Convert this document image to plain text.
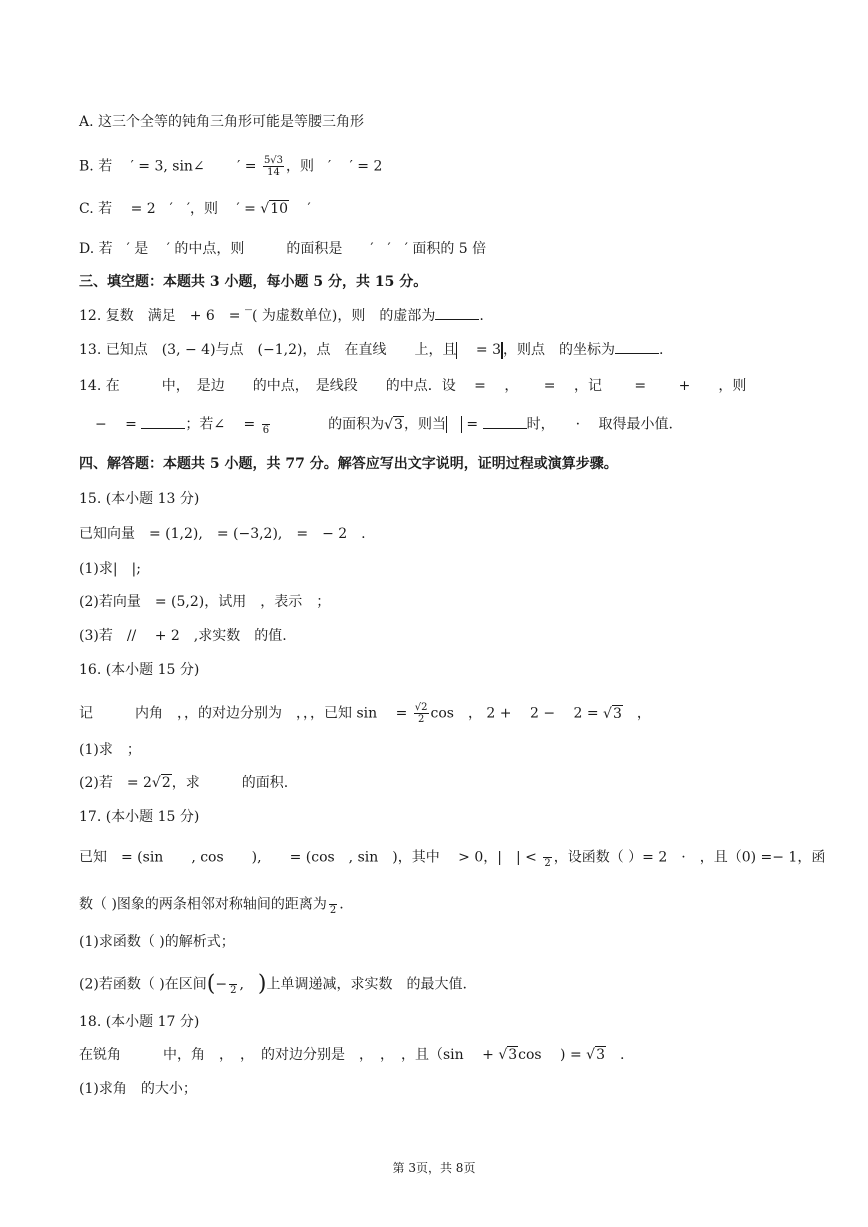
A. 这三个全等的钝角三角形可能是等腰三角形
B. 若　 ′ = 3, sin∠　　 ′ = $\frac{5√3}{14}$ ，则　′　 ′ = 2
C. 若　 = 2　′　′，则　 ′ = √10　 ′
D. 若　′ 是　 ′ 的中点，则　　　的面积是　　′　′　′ 面积的 5 倍
三、填空题：本题共 3 小题，每小题 5 分，共 15 分。
12. 复数　满足　+ 6　= ‾( 为虚数单位)，则　的虚部为	.
13. 已知点　(3, − 4)与点　(−1,2)，点　在直线　　上，且　 = 3 ，则点　的坐标为	.
14. 在　　　中，　是边　　的中点，　是线段　　的中点．设　 = 　，　　 = 　，记　　 = 　　+　　，则
−　 =	；若∠　 =
6 　　　　的面积为√3，则当　 =	时，　　·　 取得最小值.
四、解答题：本题共 5 小题，共 77 分。解答应写出文字说明，证明过程或演算步骤。
15. (本小题 13 分)
已知向量　= (1,2),　= (−3,2),　=　− 2　.
(1)求|　|;
(2)若向量　= (5,2)，试用　，表示　；
(3)若　//　 + 2　,求实数　的值.
16. (本小题 15 分)
记　　　内角　，，的对边分别为　，，，已知 sin　 = $\frac{√2}{2}$ cos　， 2 +　 2 −　 2 = √3　，
(1)求　；
(2)若　= 2√2，求　　　的面积.
17. (本小题 15 分)
已知　= (sin　　, cos　　),　　= (cos　, sin　)，其中　 > 0，|　| <
2 ，设函数（ ）= 2　·　，且（0) =− 1，函
数（ )图象的两条相邻对称轴间的距离为
2 .
(1)求函数（ )的解析式；
(2)若函数（ )在区间(−
2 ,　)上单调递减，求实数　的最大值.
18. (本小题 17 分)
在锐角　　　中，角　，　，　的对边分别是　，　，　，且（sin　 + √3cos　 ) = √3　.
(1)求角　的大小；
第 3页，共 8页
